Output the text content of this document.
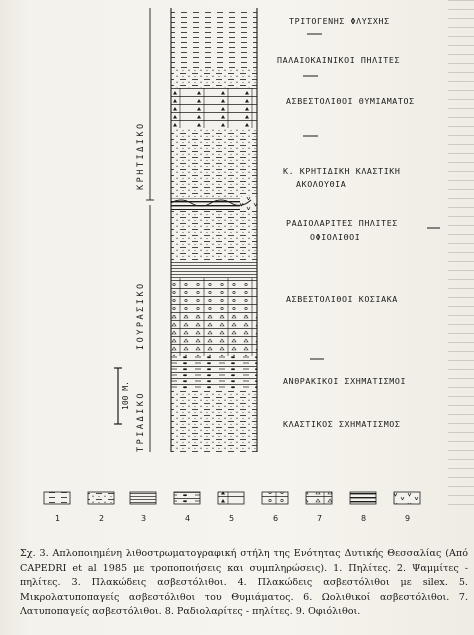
ΚΡΗΤΙΔΙΚΟ
ΙΟΥΡΑΣΙΚΟ
ΤΡΙΑΔΙΚΟ
100 Μ.
ΤΡΙΤΟΓΕΝΗΣ ΦΛΥΣΧΗΣ
ΠΑΛΑΙΟΚΑΙΝΙΚΟΙ ΠΗΛΙΤΕΣ
ΑΣΒΕΣΤΟΛΙΘΟΙ ΘΥΜΙΑΜΑΤΟΣ
Κ. ΚΡΗΤΙΔΙΚΗ ΚΛΑΣΤΙΚΗ
ΑΚΟΛΟΥΘΙΑ
ΡΑΔΙΟΛΑΡΙΤΕΣ ΠΗΛΙΤΕΣ
ΟΦΙΟΛΙΘΟΙ
ΑΣΒΕΣΤΟΛΙΘΟΙ ΚΟΣΙΑΚΑ
ΑΝΘΡΑΚΙΚΟΙ ΣΧΗΜΑΤΙΣΜΟΙ
ΚΛΑΣΤΙΚΟΣ ΣΧΗΜΑΤΙΣΜΟΣ
1	2	3	4	5	6	7	8	9
Σχ. 3. Απλοποιημένη λιθοστρωματογραφική στήλη της Ενότητας Δυτικής Θεσσαλίας (Από CAPEDRI et al 1985 με τροποποιήσεις και συμπληρώσεις). 1. Πηλίτες. 2. Ψαμμίτες - πηλίτες. 3. Πλακώδεις ασβεστόλιθοι. 4. Πλακώδεις ασβεστόλιθοι με silex. 5. Μικρολατυποπαγείς ασβεστόλιθοι του Θυμιάματος. 6. Ωολιθικοί ασβεστόλιθοι. 7. Λατυποπαγείς ασβεστόλιθοι. 8. Ραδιολαρίτες - πηλίτες. 9. Οφιόλιθοι.
